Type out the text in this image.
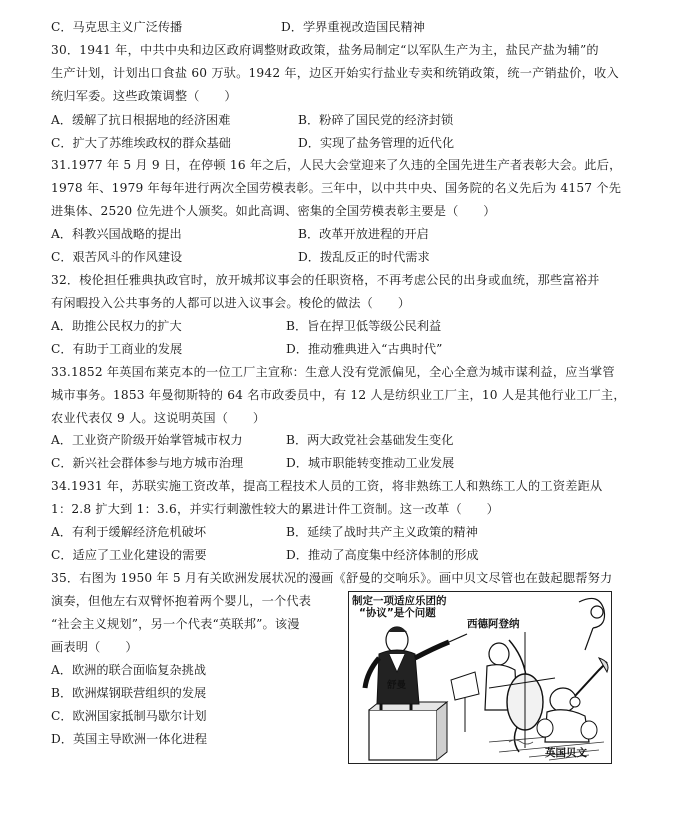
C．马克思主义广泛传播	D．学界重视改造国民精神
30．1941 年，中共中央和边区政府调整财政政策，盐务局制定“以军队生产为主，盐民产盐为辅”的
生产计划，计划出口食盐 60 万驮。1942 年，边区开始实行盐业专卖和统销政策，统一产销盐价，收入
统归军委。这些政策调整（　　）
A．缓解了抗日根据地的经济困难	B．粉碎了国民党的经济封锁
C．扩大了苏维埃政权的群众基础	D．实现了盐务管理的近代化
31.1977 年 5 月 9 日，在停顿 16 年之后，人民大会堂迎来了久违的全国先进生产者表彰大会。此后，
1978 年、1979 年每年进行两次全国劳模表彰。三年中，以中共中央、国务院的名义先后为 4157 个先
进集体、2520 位先进个人颁奖。如此高调、密集的全国劳模表彰主要是（　　）
A．科教兴国战略的提出	B．改革开放进程的开启
C．艰苦风斗的作风建设	D．拨乱反正的时代需求
32．梭伦担任雅典执政官时，放开城邦议事会的任职资格，不再考虑公民的出身或血统，那些富裕并
有闲暇投入公共事务的人都可以进入议事会。梭伦的做法（　　）
A．助推公民权力的扩大	B．旨在捍卫低等级公民利益
C．有助于工商业的发展	D．推动雅典进入“古典时代”
33.1852 年英国布莱克本的一位工厂主宣称：生意人没有党派偏见，全心全意为城市谋利益，应当掌管
城市事务。1853 年曼彻斯特的 64 名市政委员中，有 12 人是纺织业工厂主，10 人是其他行业工厂主，
农业代表仅 9 人。这说明英国（　　）
A．工业资产阶级开始掌管城市权力	B．两大政党社会基础发生变化
C．新兴社会群体参与地方城市治理	D．城市职能转变推动工业发展
34.1931 年，苏联实施工资改革，提高工程技术人员的工资，将非熟练工人和熟练工人的工资差距从
1：2.8 扩大到 1：3.6，并实行刺激性较大的累进计件工资制。这一改革（　　）
A．有利于缓解经济危机破坏	B．延续了战时共产主义政策的精神
C．适应了工业化建设的需要	D．推动了高度集中经济体制的形成
35．右图为 1950 年 5 月有关欧洲发展状况的漫画《舒曼的交响乐》。画中贝文尽管也在鼓起腮帮努力
演奏，但他左右双臂怀抱着两个婴儿，一个代表
“社会主义规划”，另一个代表“英联邦”。该漫
画表明（　　）
A．欧洲的联合面临复杂挑战
B．欧洲煤钢联营组织的发展
C．欧洲国家抵制马歇尔计划
D．英国主导欧洲一体化进程
制定一项适应乐团的
“协议”是个问题
西德阿登纳
舒曼
英国贝文
